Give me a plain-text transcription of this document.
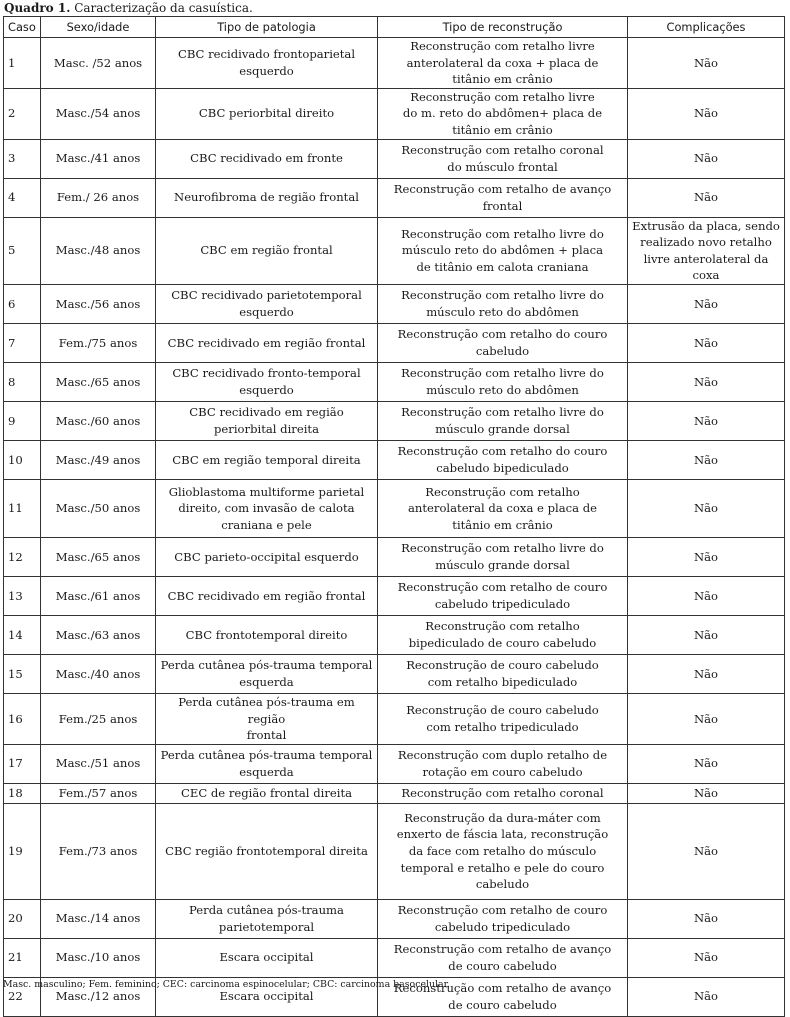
Quadro 1. Caracterização da casuística.
Caso	Sexo/idade	Tipo de patologia	Tipo de reconstrução	Complicações
1	Masc. /52 anos	CBC recidivado frontoparietal
esquerdo	Reconstrução com retalho livre
anterolateral da coxa + placa de
titânio em crânio	Não
2	Masc./54 anos	CBC periorbital direito	Reconstrução com retalho livre
do m. reto do abdômen+ placa de
titânio em crânio	Não
3	Masc./41 anos	CBC recidivado em fronte	Reconstrução com retalho coronal
do músculo frontal	Não
4	Fem./ 26 anos	Neurofibroma de região frontal	Reconstrução com retalho de avanço
frontal	Não
5	Masc./48 anos	CBC em região frontal	Reconstrução com retalho livre do
músculo reto do abdômen + placa
de titânio em calota craniana	Extrusão da placa, sendo
realizado novo retalho
livre anterolateral da coxa
6	Masc./56 anos	CBC recidivado parietotemporal
esquerdo	Reconstrução com retalho livre do
músculo reto do abdômen	Não
7	Fem./75 anos	CBC recidivado em região frontal	Reconstrução com retalho do couro
cabeludo	Não
8	Masc./65 anos	CBC recidivado fronto-temporal
esquerdo	Reconstrução com retalho livre do
músculo reto do abdômen	Não
9	Masc./60 anos	CBC recidivado em região
periorbital direita	Reconstrução com retalho livre do
músculo grande dorsal	Não
10	Masc./49 anos	CBC em região temporal direita	Reconstrução com retalho do couro
cabeludo bipediculado	Não
11	Masc./50 anos	Glioblastoma multiforme parietal
direito, com invasão de calota
craniana e pele	Reconstrução com retalho
anterolateral da coxa e placa de
titânio em crânio	Não
12	Masc./65 anos	CBC parieto-occipital esquerdo	Reconstrução com retalho livre do
músculo grande dorsal	Não
13	Masc./61 anos	CBC recidivado em região frontal	Reconstrução com retalho de couro
cabeludo tripediculado	Não
14	Masc./63 anos	CBC frontotemporal direito	Reconstrução com retalho
bipediculado de couro cabeludo	Não
15	Masc./40 anos	Perda cutânea pós-trauma temporal
esquerda	Reconstrução de couro cabeludo
com retalho bipediculado	Não
16	Fem./25 anos	Perda cutânea pós-trauma em região
frontal	Reconstrução de couro cabeludo
com retalho tripediculado	Não
17	Masc./51 anos	Perda cutânea pós-trauma temporal
esquerda	Reconstrução com duplo retalho de
rotação em couro cabeludo	Não
18	Fem./57 anos	CEC de região frontal direita	Reconstrução com retalho coronal	Não
19	Fem./73 anos	CBC região frontotemporal direita	Reconstrução da dura-máter com
enxerto de fáscia lata, reconstrução
da face com retalho do músculo
temporal e retalho e pele do couro
cabeludo	Não
20	Masc./14 anos	Perda cutânea pós-trauma
parietotemporal	Reconstrução com retalho de couro
cabeludo tripediculado	Não
21	Masc./10 anos	Escara occipital	Reconstrução com retalho de avanço
de couro cabeludo	Não
22	Masc./12 anos	Escara occipital	Reconstrução com retalho de avanço
de couro cabeludo	Não
Masc. masculino; Fem. feminino; CEC: carcinoma espinocelular; CBC: carcinoma basocelular.
